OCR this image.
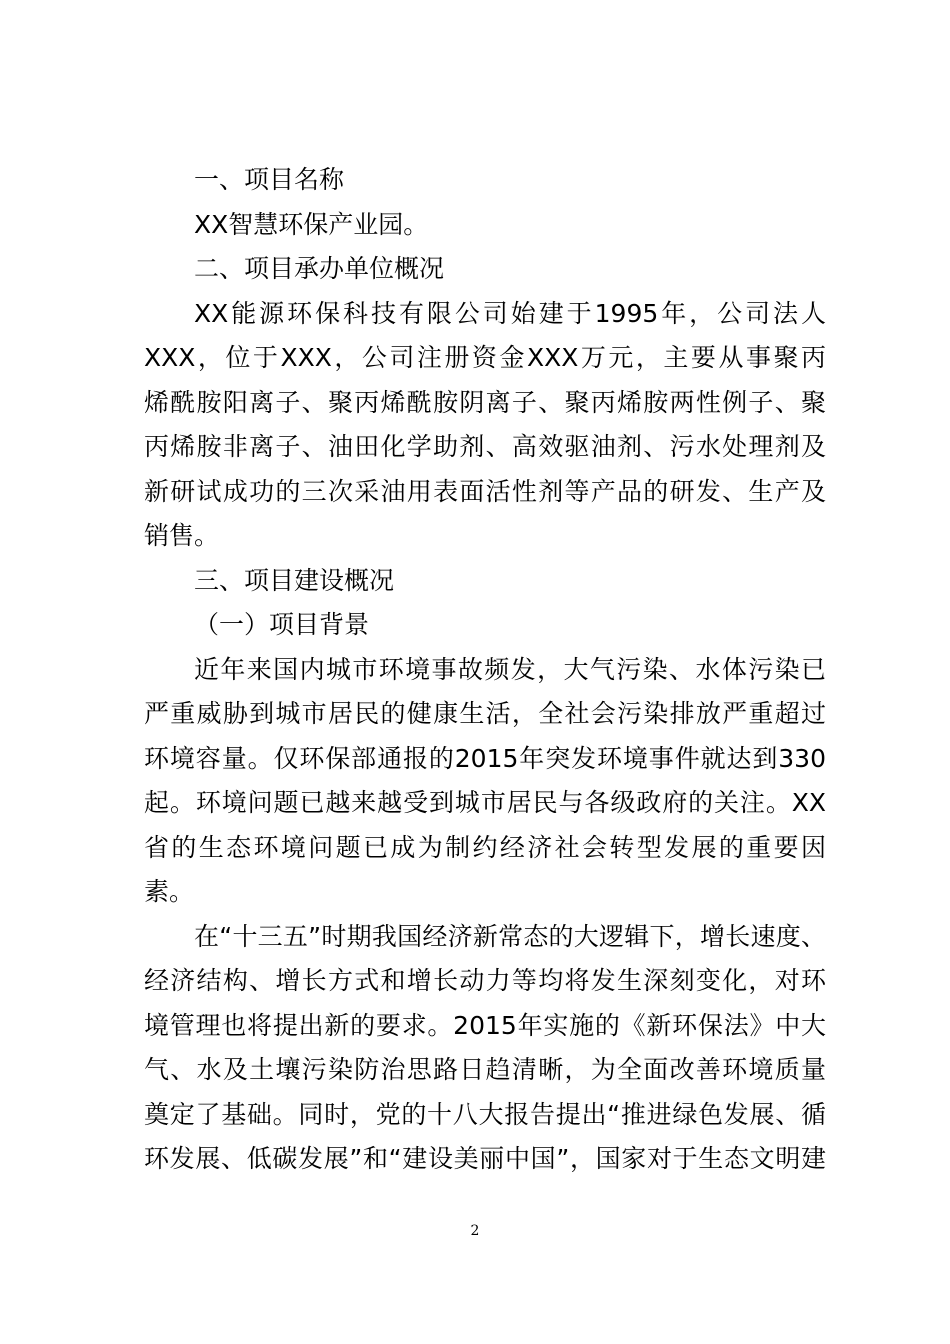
一、项目名称
XX智慧环保产业园。
二、项目承办单位概况
XX能源环保科技有限公司始建于1995年，公司法人
XXX，位于XXX，公司注册资金XXX万元，主要从事聚丙
烯酰胺阳离子、聚丙烯酰胺阴离子、聚丙烯胺两性例子、聚
丙烯胺非离子、油田化学助剂、高效驱油剂、污水处理剂及
新研试成功的三次采油用表面活性剂等产品的研发、生产及
销售。
三、项目建设概况
（一）项目背景
近年来国内城市环境事故频发，大气污染、水体污染已
严重威胁到城市居民的健康生活，全社会污染排放严重超过
环境容量。仅环保部通报的2015年突发环境事件就达到330
起。环境问题已越来越受到城市居民与各级政府的关注。XX
省的生态环境问题已成为制约经济社会转型发展的重要因
素。
在“十三五”时期我国经济新常态的大逻辑下，增长速度、
经济结构、增长方式和增长动力等均将发生深刻变化，对环
境管理也将提出新的要求。2015年实施的《新环保法》中大
气、水及土壤污染防治思路日趋清晰，为全面改善环境质量
奠定了基础。同时，党的十八大报告提出“推进绿色发展、循
环发展、低碳发展”和“建设美丽中国”，国家对于生态文明建
2
